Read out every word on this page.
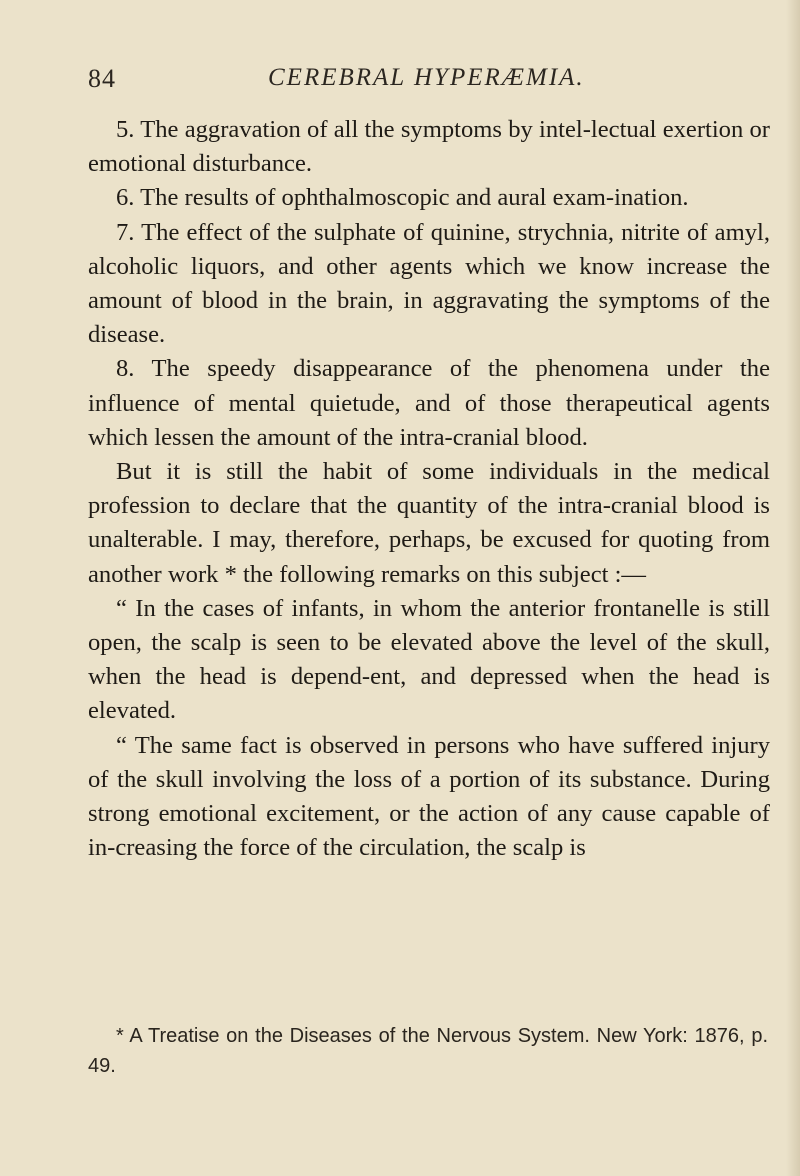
84	CEREBRAL HYPERÆMIA.

5. The aggravation of all the symptoms by intel-lectual exertion or emotional disturbance.

6. The results of ophthalmoscopic and aural exam-ination.

7. The effect of the sulphate of quinine, strychnia, nitrite of amyl, alcoholic liquors, and other agents which we know increase the amount of blood in the brain, in aggravating the symptoms of the disease.

8. The speedy disappearance of the phenomena under the influence of mental quietude, and of those therapeutical agents which lessen the amount of the intra-cranial blood.

But it is still the habit of some individuals in the medical profession to declare that the quantity of the intra-cranial blood is unalterable. I may, therefore, perhaps, be excused for quoting from another work * the following remarks on this subject :—

“ In the cases of infants, in whom the anterior frontanelle is still open, the scalp is seen to be elevated above the level of the skull, when the head is depend-ent, and depressed when the head is elevated.

“ The same fact is observed in persons who have suffered injury of the skull involving the loss of a portion of its substance. During strong emotional excitement, or the action of any cause capable of in-creasing the force of the circulation, the scalp is

* A Treatise on the Diseases of the Nervous System. New York: 1876, p. 49.
